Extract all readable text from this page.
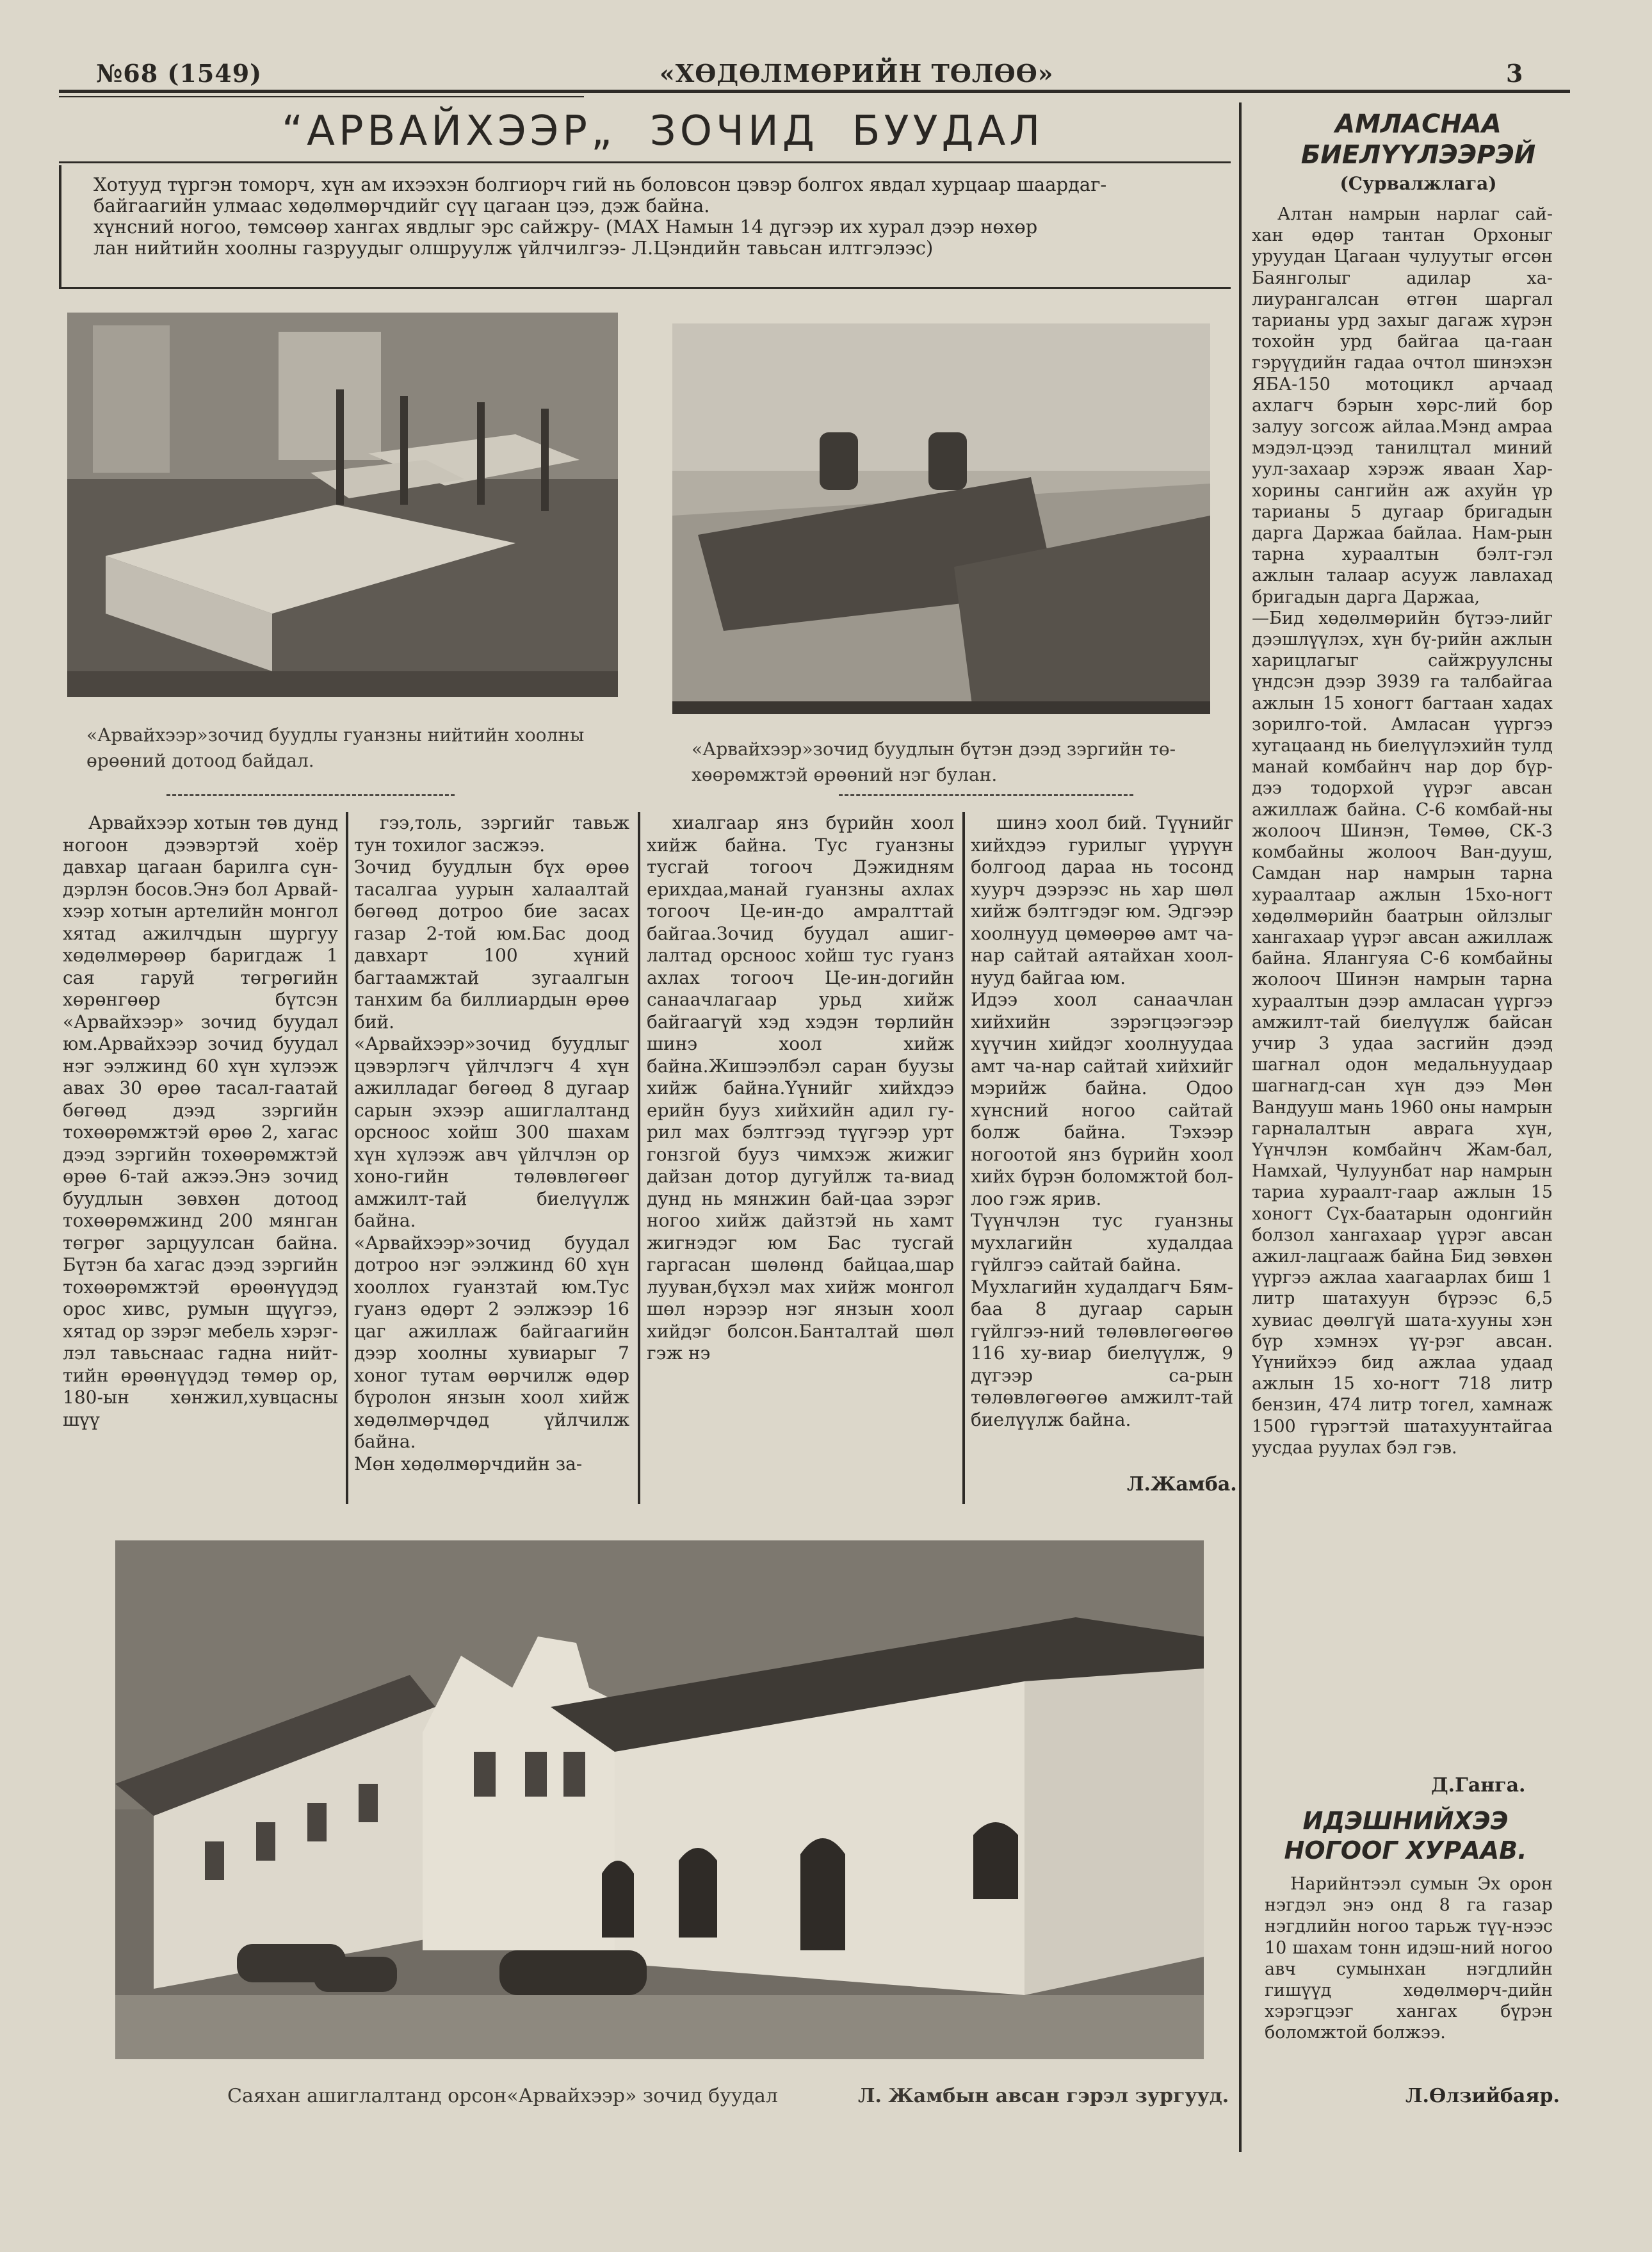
№68 (1549)	«ХӨДӨЛМӨРИЙН ТӨЛӨӨ»	3
“АРВАЙХЭЭР„  ЗОЧИД  БУУДАЛ
Хотууд түргэн томорч, хүн ам ихээхэн болгиорч гий нь боловсон цэвэр болгох явдал хурцаар шаардаг-
байгаагийн улмаас хөдөлмөрчдийг сүү цагаан цээ, дэж байна.
хүнсний ногоо, төмсөөр хангах явдлыг эрс сайжру- (МАХ Намын 14 дүгээр их хурал дээр нөхөр
лан нийтийн хоолны газруудыг олшруулж үйлчилгээ- Л.Цэндийн тавьсан илтгэлээс)
«Арвайхээр»зочид буудлы гуанзны нийтийн хоолны өрөөний дотоод байдал.
«Арвайхээр»зочид буудлын бүтэн дээд зэргийн тө-хөөрөмжтэй өрөөний нэг булан.

Арвайхээр хотын төв дунд ногоон дээвэртэй хоёр давхар цагаан барилга сүн-дэрлэн босов.Энэ бол Арвай-хээр хотын артелийн монгол хятад ажилчдын шургуу хөдөлмөрөөр баригдаж 1 сая гаруй төгрөгийн хөрөнгөөр бүтсэн «Арвайхээр» зочид буудал юм.Арвайхээр зочид буудал нэг ээлжинд 60 хүн хүлээж авах 30 өрөө тасал-гаатай бөгөөд дээд зэргийн тохөөрөмжтэй өрөө 2, хагас дээд зэргийн тохөөрөмжтэй өрөө 6-тай ажээ.Энэ зочид буудлын зөвхөн дотоод тохөөрөмжинд 200 мянган төгрөг зарцуулсан байна. Бүтэн ба хагас дээд зэргийн тохөөрөмжтэй өрөөнүүдэд орос хивс, румын щүүгээ, хятад ор зэрэг мебель хэрэг-лэл тавьснаас гадна нийт-тийн өрөөнүүдэд төмөр ор, 180-ын хөнжил,хувцасны шүү

гээ,толь, зэргийг тавьж тун тохилог засжээ.
Зочид буудлын бүх өрөө тасалгаа уурын халаалтай бөгөөд дотроо бие засах газар 2-той юм.Бас доод давхарт 100 хүний багтаамжтай зугаалгын танхим ба биллиардын өрөө бий.
«Арвайхээр»зочид буудлыг цэвэрлэгч үйлчлэгч 4 хүн ажилладаг бөгөөд 8 дугаар сарын эхээр ашиглалтанд орсноос хойш 300 шахам хүн хүлээж авч үйлчлэн ор хоно-гийн төлөвлөгөөг амжилт-тай биелүүлж байна.
«Арвайхээр»зочид буудал дотроо нэг ээлжинд 60 хүн хооллох гуанзтай юм.Тус гуанз өдөрт 2 ээлжээр 16 цаг ажиллаж байгаагийн дээр хоолны хувиарыг 7 хоног тутам өөрчилж өдөр бүролон янзын хоол хийж хөдөлмөрчдөд үйлчилж байна.
Мөн хөдөлмөрчдийн за-

хиалгаар янз бүрийн хоол хийж байна. Тус гуанзны тусгай тогооч Дэжидням ерихдаа,манай гуанзны ахлах тогооч Це-ин-до амралттай байгаа.Зочид буудал ашиг-лалтад орсноос хойш тус гуанз ахлах тогооч Це-ин-догийн санаачлагаар урьд хийж байгаагүй хэд хэдэн төрлийн шинэ хоол хийж байна.Жишээлбэл саран буузы хийж байна.Үүнийг хийхдээ ерийн бууз хийхийн адил гу-рил мах бэлтгээд түүгээр урт гонзгой бууз чимхэж жижиг дайзан дотор дугуйлж та-виад дунд нь мянжин бай-цаа зэрэг ногоо хийж дайзтэй нь хамт жигнэдэг юм Бас тусгай гаргасан шөлөнд байцаа,шар лууван,бүхэл мах хийж монгол шөл нэрээр нэг янзын хоол хийдэг болсон.Банталтай шөл гэж нэ

шинэ хоол бий. Түүнийг хийхдээ гурилыг үүрүүн болгоод дараа нь тосонд хуурч дээрээс нь хар шөл хийж бэлтгэдэг юм. Эдгээр хоолнууд цөмөөрөө амт ча-нар сайтай аятайхан хоол-нууд байгаа юм.
Идээ хоол санаачлан хийхийн зэрэгцээгээр хүүчин хийдэг хоолнуудаа амт ча-нар сайтай хийхийг мэрийж байна. Одоо хүнсний ногоо сайтай болж байна. Тэхээр ногоотой янз бүрийн хоол хийх бүрэн боломжтой бол-лоо гэж ярив.
Түүнчлэн тус гуанзны мухлагийн худалдаа гүйлгээ сайтай байна.
Мухлагийн худалдагч Бям-баа 8 дугаар сарын гүйлгээ-ний төлөвлөгөөгөө 116 ху-виар биелүүлж, 9 дүгээр са-рын төлөвлөгөөгөө амжилт-тай биелүүлж байна.

Л.Жамба.
АМЛАСНАА
БИЕЛҮҮЛЭЭРЭЙ
(Сурвалжлага)

Алтан намрын нарлаг сай-хан өдөр тантан Орхоныг уруудан Цагаан чулуутыг өгсөн Баянголыг адилар ха-лиурангалсан өтгөн шаргал тарианы урд захыг дагаж хүрэн тохойн урд байгаа ца-гаан гэрүүдийн гадаа очтол шинэхэн ЯБА-150 мотоцикл арчаад ахлагч бэрын хөрс-лий бор залуу зогсож айлаа.Мэнд амраа мэдэл-цээд танилцтал миний уул-захаар хэрэж яваан Хар-хорины сангийн аж ахуйн үр тарианы 5 дугаар бригадын дарга Даржаа байлаа. Нам-рын тарна хураалтын бэлт-гэл ажлын талаар асууж лавлахад бригадын дарга Даржаа,
—Бид хөдөлмөрийн бүтээ-лийг дээшлүүлэх, хүн бү-рийн ажлын харицлагыг сайжруулсны үндсэн дээр 3939 га талбайгаа ажлын 15 хоногт багтаан хадах зорилго-той. Амласан үүргээ хугацаанд нь биелүүлэхийн тулд манай комбайнч нар дор бүр-дээ тодорхой үүрэг авсан ажиллаж байна. С-6 комбай-ны жолооч Шинэн, Төмөө, СК-3 комбайны жолооч Ван-дууш, Самдан нар намрын тарна хураалтаар ажлын 15хо-ногт хөдөлмөрийн баатрын ойлзлыг хангахаар үүрэг авсан ажиллаж байна. Ялангуяа С-6 комбайны жолооч Шинэн намрын тарна хураалтын дээр амласан үүргээ амжилт-тай биелүүлж байсан учир 3 удаа засгийн дээд шагнал одон медальнуудаар шагнагд-сан хүн дээ Мөн Вандууш мань 1960 оны намрын гарналалтын аврага хүн, Үүнчлэн комбайнч Жам-бал, Намхай, Чулуунбат нар намрын тариа хураалт-гаар ажлын 15 хоногт Сүх-баатарын одонгийн болзол хангахаар үүрэг авсан ажил-лацгааж байна Бид зөвхөн үүргээ ажлаа хаагаарлах биш 1 литр шатахуун бүрээс 6,5 хувиас дөөлгүй шата-хууны хэн бүр хэмнэх үү-рэг авсан. Үүнийхээ бид ажлаа удаад ажлын 15 хо-ногт 718 литр бензин, 474 литр тогел, хамнаж 1500 гүрэгтэй шатахуунтайгаа уусдаа руулах бэл гэв.

Д.Ганга.
ИДЭШНИЙХЭЭ
НОГООГ ХУРААВ.

Нарийнтээл сумын Эх орон нэгдэл энэ онд 8 га газар нэгдлийн ногоо тарьж түү-нээс 10 шахам тонн идэш-ний ногоо авч сумынхан нэгдлийн гишүүд хөдөлмөрч-дийн хэрэгцээг хангах бүрэн боломжтой болжээ.

Л.Өлзийбаяр.
Саяхан ашиглалтанд орсон«Арвайхээр» зочид буудал	Л. Жамбын авсан гэрэл зургууд.
